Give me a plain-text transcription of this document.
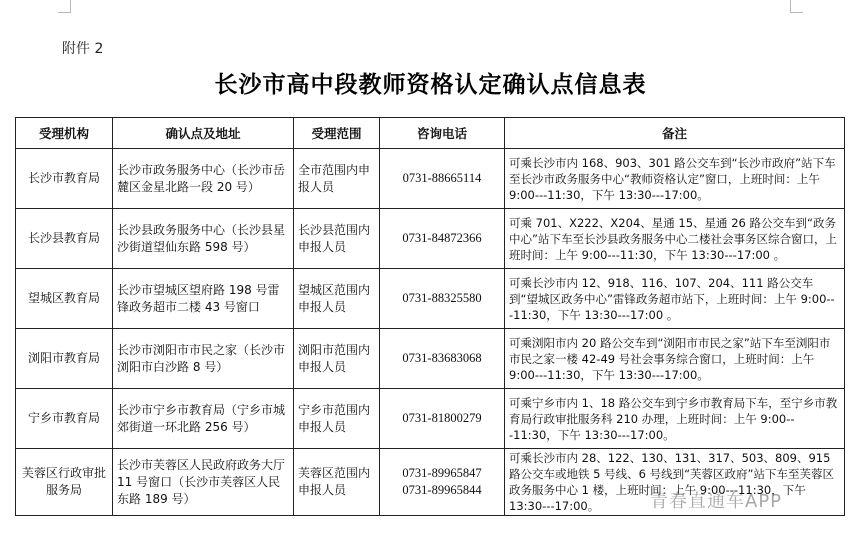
附件 2
长沙市高中段教师资格认定确认点信息表
受理机构	确认点及地址	受理范围	咨询电话	备注
长沙市教育局	长沙市政务服务中心（长沙市岳麓区金星北路一段 20 号）	全市范围内申报人员	0731-88665114	可乘长沙市内 168、903、301 路公交车到“长沙市政府”站下车至长沙市政务服务中心“教师资格认定”窗口，上班时间：上午 9:00---11:30，下午 13:30---17:00。
长沙县教育局	长沙县政务服务中心（长沙县星沙街道望仙东路 598 号）	长沙县范围内申报人员	0731-84872366	可乘 701、X222、X204、星通 15、星通 26 路公交车到“政务中心”站下车至长沙县政务服务中心二楼社会事务区综合窗口，上班时间：上午 9:00---11:30，下午 13:30---17:00 。
望城区教育局	长沙市望城区望府路 198 号雷锋政务超市二楼 43 号窗口	望城区范围内申报人员	0731-88325580	可乘长沙市内 12、918、116、107、204、111 路公交车到“望城区政务中心”雷锋政务超市站下，上班时间：上午 9:00---11:30，下午 13:30---17:00 。
浏阳市教育局	长沙市浏阳市市民之家（长沙市浏阳市白沙路 8 号）	浏阳市范围内申报人员	0731-83683068	可乘浏阳市内 20 路公交车到“浏阳市市民之家”站下车至浏阳市市民之家一楼 42-49 号社会事务综合窗口，上班时间：上午 9:00---11:30，下午 13:30---17:00。
宁乡市教育局	长沙市宁乡市教育局（宁乡市城郊街道一环北路 256 号）	宁乡市范围内申报人员	0731-81800279	可乘宁乡市内 1、18 路公交车到宁乡市教育局下车，至宁乡市教育局行政审批服务科 210 办理，上班时间：上午 9:00---11:30，下午 13:30---17:00。
芙蓉区行政审批服务局	长沙市芙蓉区人民政府政务大厅 11 号窗口（长沙市芙蓉区人民东路 189 号）	芙蓉区范围内申报人员	0731-89965847
0731-89965844	可乘长沙市内 28、122、130、131、317、503、809、915 路公交车或地铁 5 号线、6 号线到“芙蓉区政府”站下车至芙蓉区政务服务中心 1 楼，上班时间：上午 9:00---11:30，下午 13:30---17:00。	青春直通车APP
